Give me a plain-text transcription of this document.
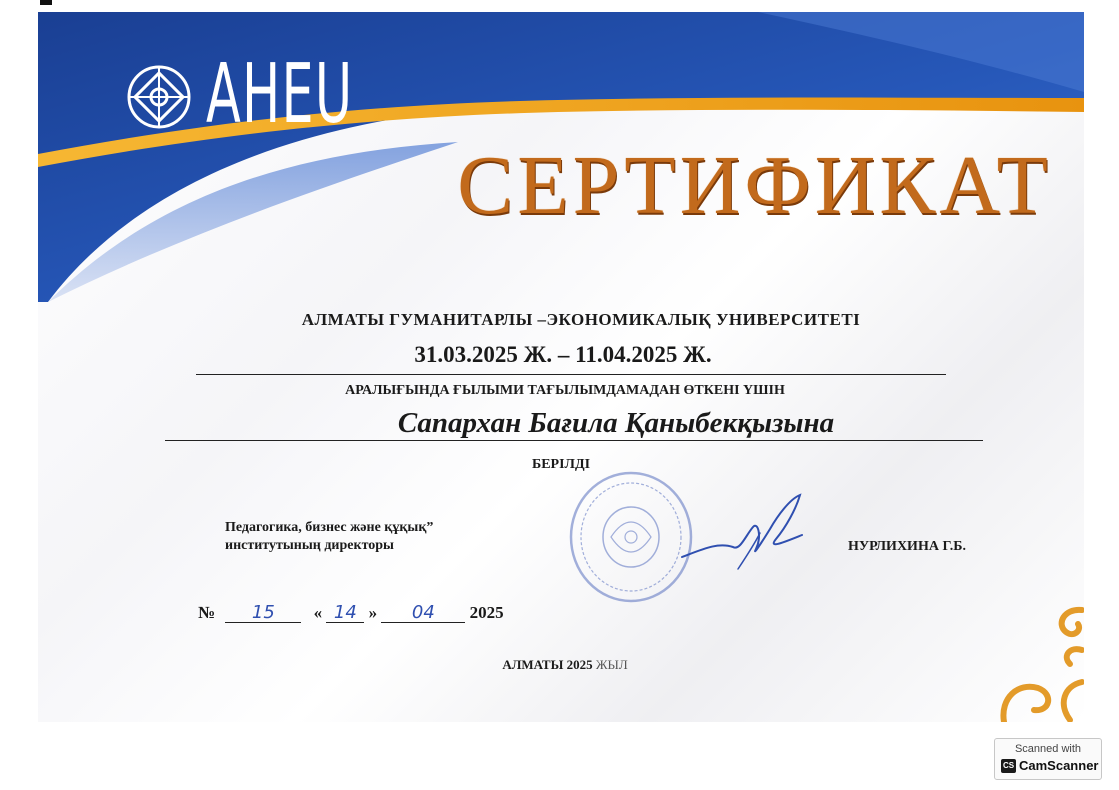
AHEU
СЕРТИФИКАТ
АЛМАТЫ ГУМАНИТАРЛЫ –ЭКОНОМИКАЛЫҚ УНИВЕРСИТЕТІ
31.03.2025 Ж. – 11.04.2025 Ж.
АРАЛЫҒЫНДА ҒЫЛЫМИ ТАҒЫЛЫМДАМАДАН ӨТКЕНІ ҮШІН
Сапархан Бағила Қаныбекқызына
БЕРІЛДІ
Педагогика, бизнес және құқық”
институтының директоры	НУРЛИХИНА Г.Б.
№ 15 « 14 » 04 2025
АЛМАТЫ 2025 ЖЫЛ
Scanned with
CS CamScanner
